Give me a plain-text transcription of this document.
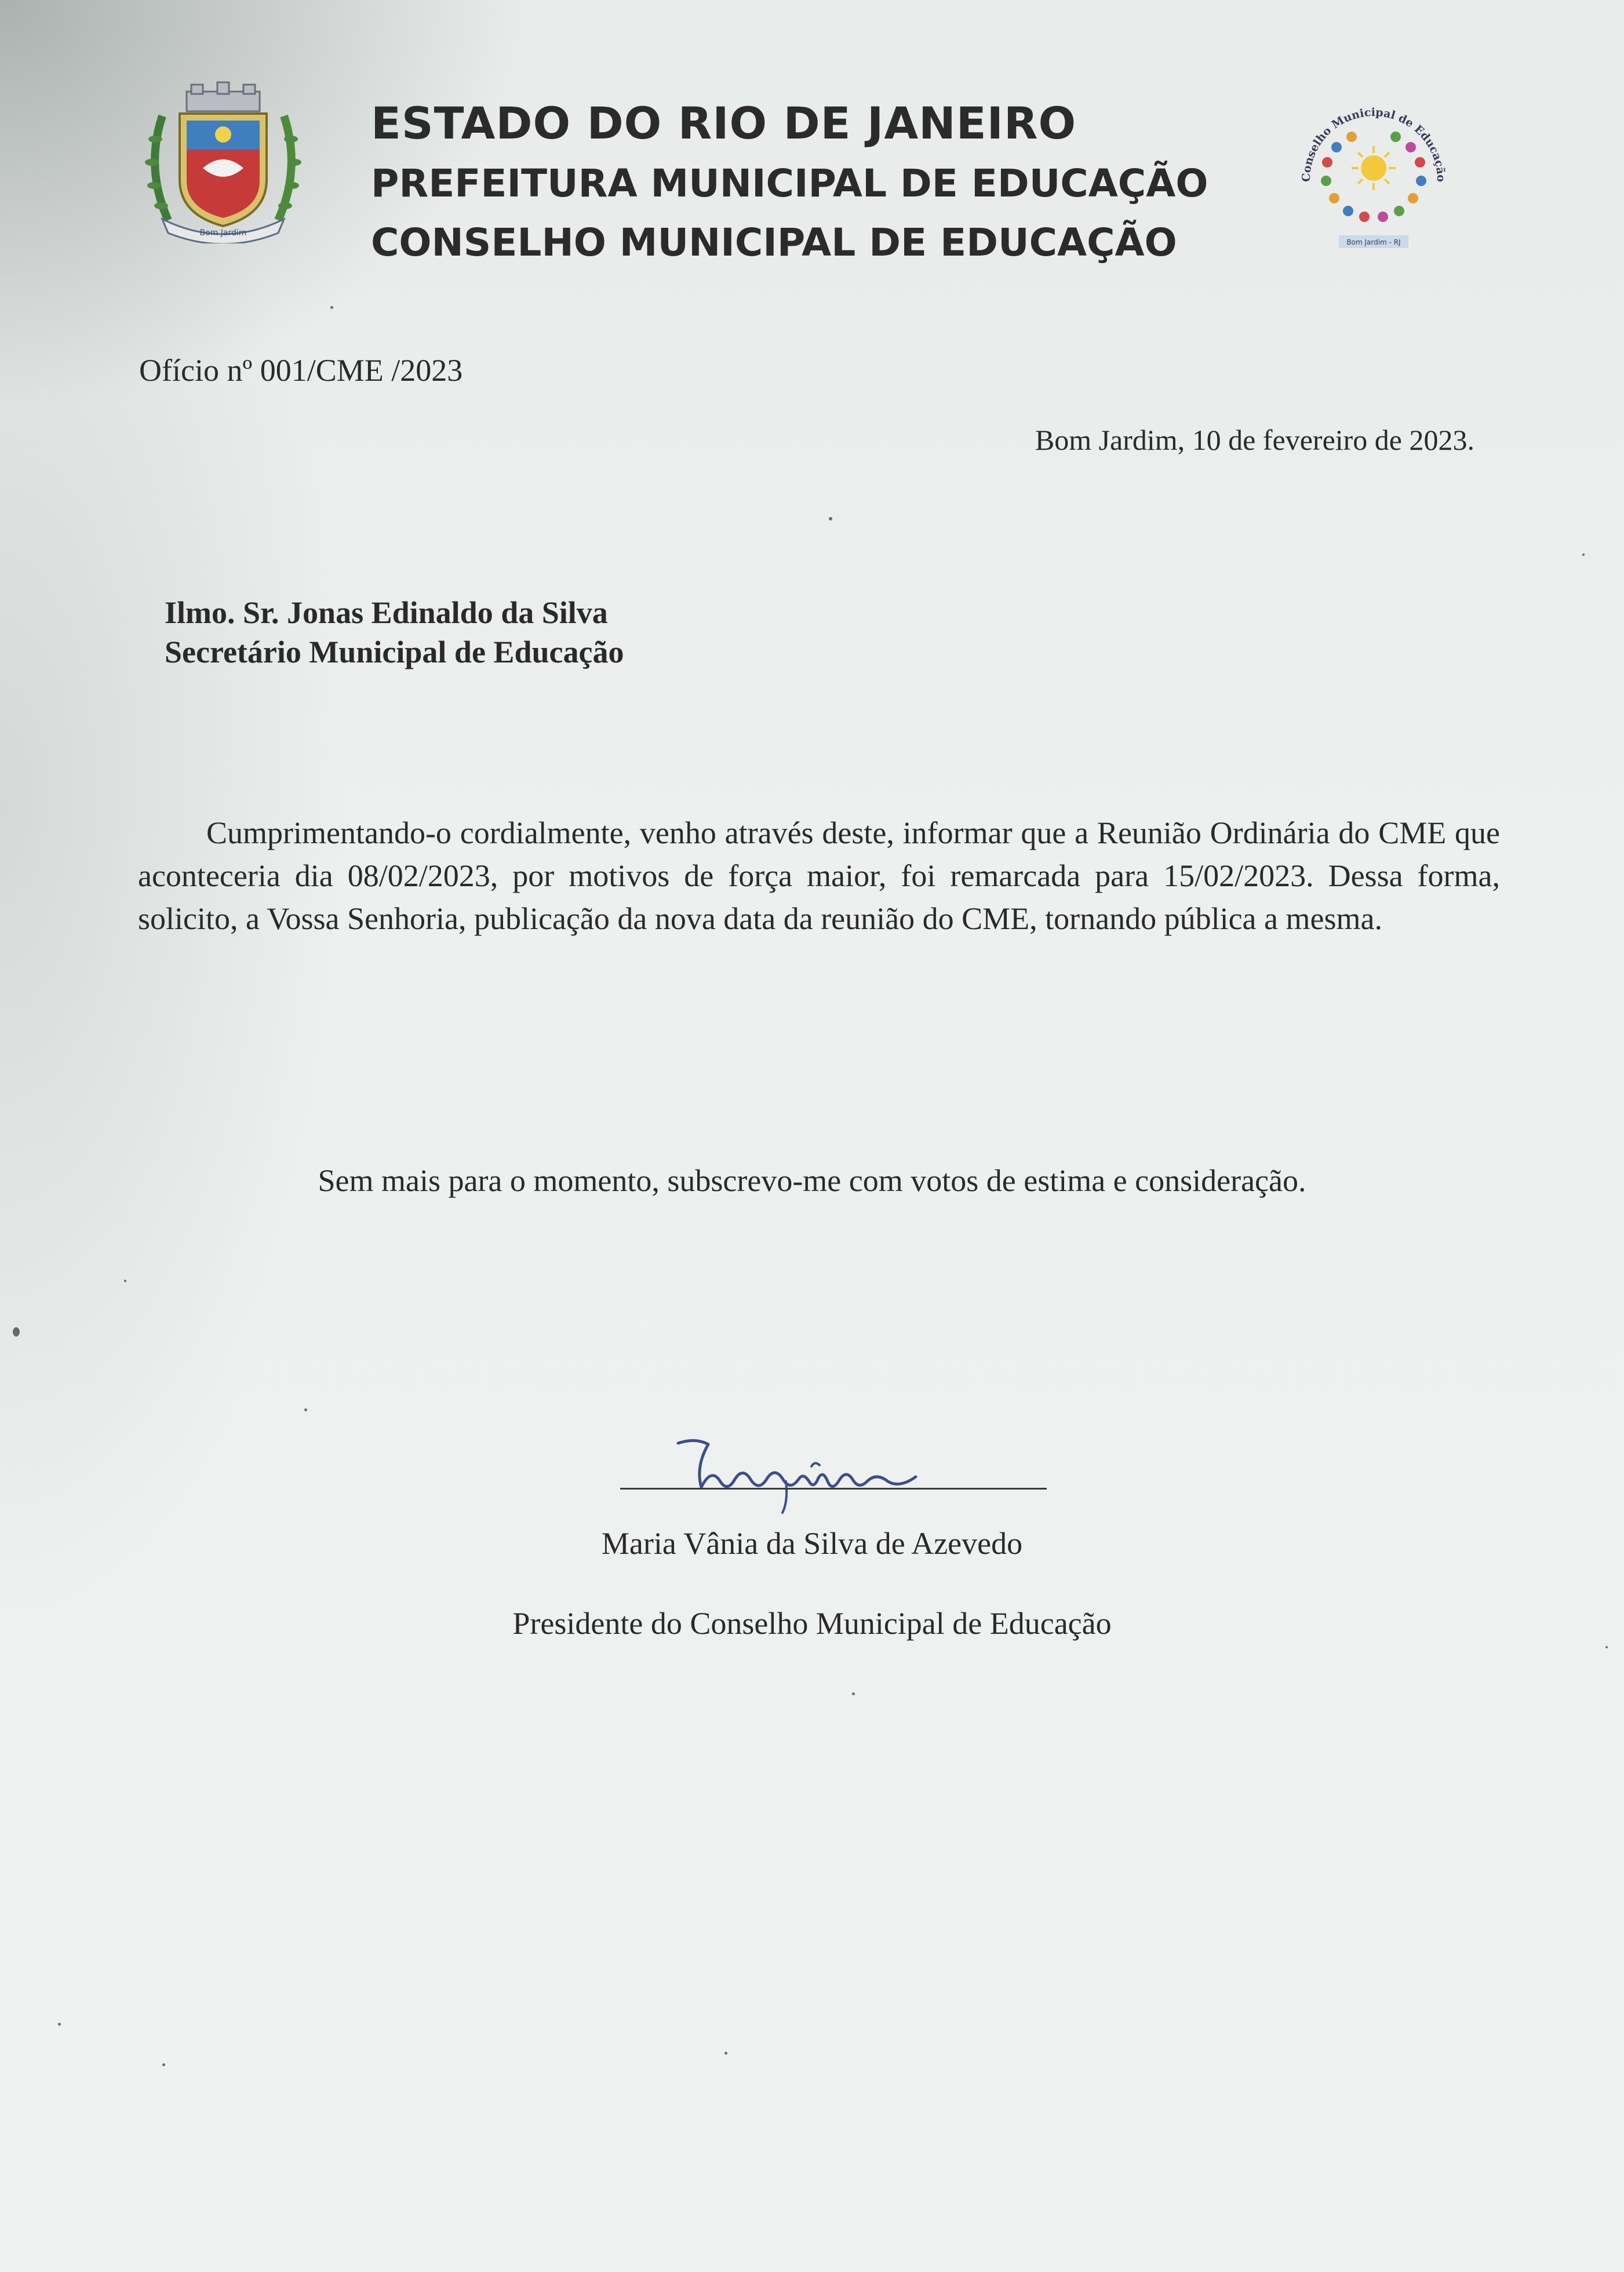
Bom Jardim
ESTADO DO RIO DE JANEIRO
PREFEITURA MUNICIPAL DE EDUCAÇÃO
CONSELHO MUNICIPAL DE EDUCAÇÃO
Conselho Municipal de Educação
Bom Jardim - RJ

Ofício nº 001/CME /2023

Bom Jardim, 10 de fevereiro de 2023.

Ilmo. Sr. Jonas Edinaldo da Silva

Secretário Municipal de Educação

Cumprimentando-o cordialmente, venho através deste, informar que a Reunião Ordinária do CME que aconteceria dia 08/02/2023, por motivos de força maior, foi remarcada para 15/02/2023. Dessa forma, solicito, a Vossa Senhoria, publicação da nova data da reunião do CME, tornando pública a mesma.

Sem mais para o momento, subscrevo-me com votos de estima e consideração.

Maria Vânia da Silva de Azevedo

Presidente do Conselho Municipal de Educação
